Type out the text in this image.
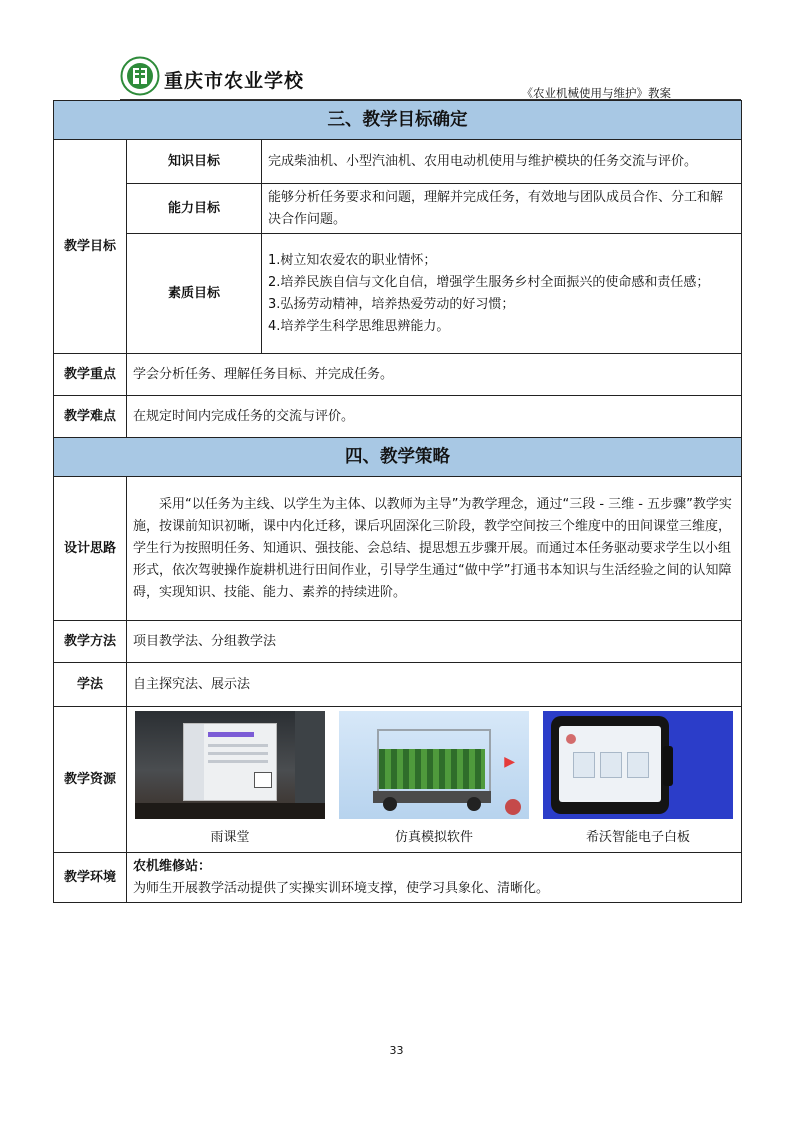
重庆市农业学校
《农业机械使用与维护》教案
三、教学目标确定		
教学目标	知识目标	完成柴油机、小型汽油机、农用电动机使用与维护模块的任务交流与评价。
	能力目标	能够分析任务要求和问题，理解并完成任务，有效地与团队成员合作、分工和解决合作问题。
	素质目标	1.树立知农爱农的职业情怀；
2.培养民族自信与文化自信，增强学生服务乡村全面振兴的使命感和责任感；
3.弘扬劳动精神，培养热爱劳动的好习惯；
4.培养学生科学思维思辨能力。

教学重点	学会分析任务、理解任务目标、并完成任务。	
教学难点	在规定时间内完成任务的交流与评价。	
四、教学策略		
设计思路	采用“以任务为主线、以学生为主体、以教师为主导”为教学理念，通过“三段 - 三维 - 五步骤”教学实施，按课前知识初晰，课中内化迁移，课后巩固深化三阶段，教学空间按三个维度中的田间课堂三维度，学生行为按照明任务、知通识、强技能、会总结、提思想五步骤开展。而通过本任务驱动要求学生以小组形式，依次驾驶操作旋耕机进行田间作业，引导学生通过“做中学”打通书本知识与生活经验之间的认知障碍，实现知识、技能、能力、素养的持续进阶。	
教学方法	项目教学法、分组教学法	
学法	自主探究法、展示法	
教学资源	雨课堂
▶
仿真模拟软件 希沃智能电子白板	

教学环境	农机维修站：
为师生开展教学活动提供了实操实训环境支撑，使学习具象化、清晰化。	
33
